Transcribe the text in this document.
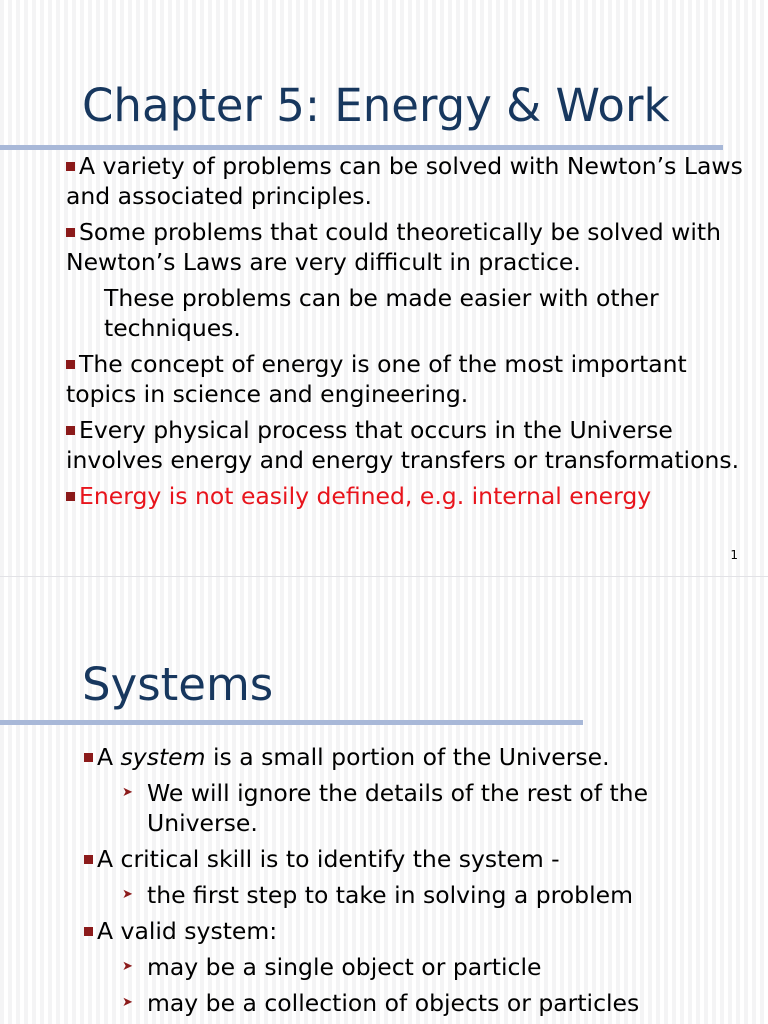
Chapter 5: Energy & Work
A variety of problems can be solved with Newton’s Laws and associated principles.
Some problems that could theoretically be solved with Newton’s Laws are very difficult in practice.
These problems can be made easier with other techniques.
The concept of energy is one of the most important topics in science and engineering.
Every physical process that occurs in the Universe involves energy and energy transfers or transformations.
Energy is not easily defined, e.g. internal energy
1
Systems
A system is a small portion of the Universe.
➤ We will ignore the details of the rest of the Universe.
A critical skill is to identify the system -
➤ the first step to take in solving a problem
A valid system:
➤ may be a single object or particle
➤ may be a collection of objects or particles
